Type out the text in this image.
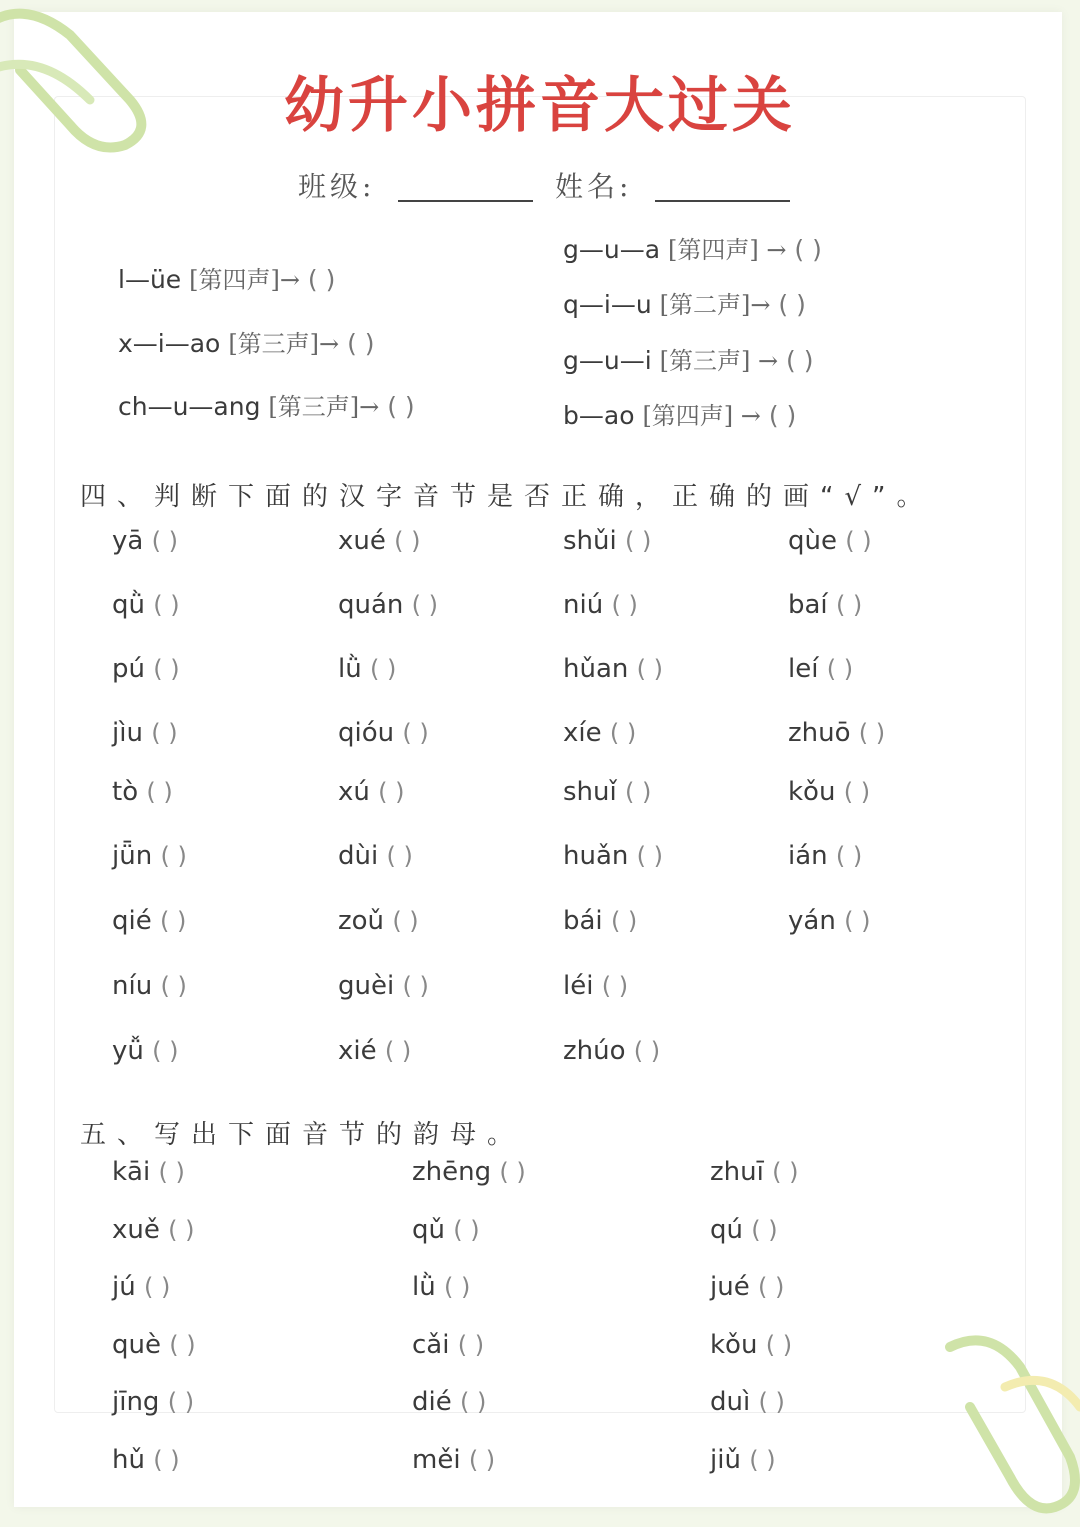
幼升小拼音大过关
班级:	姓名:
l—üe [第四声]→ ( )
x—i—ao [第三声]→ ( )
ch—u—ang [第三声]→ ( )
g—u—a [第四声] → ( )
q—i—u [第二声]→ ( )
g—u—i [第三声] → ( )
b—ao [第四声] → ( )
四、判断下面的汉字音节是否正确，正确的画“√”。
yā ( )	xué ( )	shǔi ( )	qùe ( )
qǜ ( )	quán ( )	niú ( )	baí ( )
pú ( )	lǜ ( )	hǔan ( )	leí ( )
jìu ( )	qióu ( )	xíe ( )	zhuō ( )
tò ( )	xú ( )	shuǐ ( )	kǒu ( )
jǖn ( )	dùi ( )	huǎn ( )	ián ( )
qié ( )	zoǔ ( )	bái ( )	yán ( )
níu ( )	guèi ( )	léi ( )
yǚ ( )	xié ( )	zhúo ( )
五、写出下面音节的韵母。
kāi ( )	zhēng ( )	zhuī ( )
xuě ( )	qǔ ( )	qú ( )
jú ( )	lǜ ( )	jué ( )
què ( )	cǎi ( )	kǒu ( )
jīng ( )	dié ( )	duì ( )
hǔ ( )	měi ( )	jiǔ ( )
